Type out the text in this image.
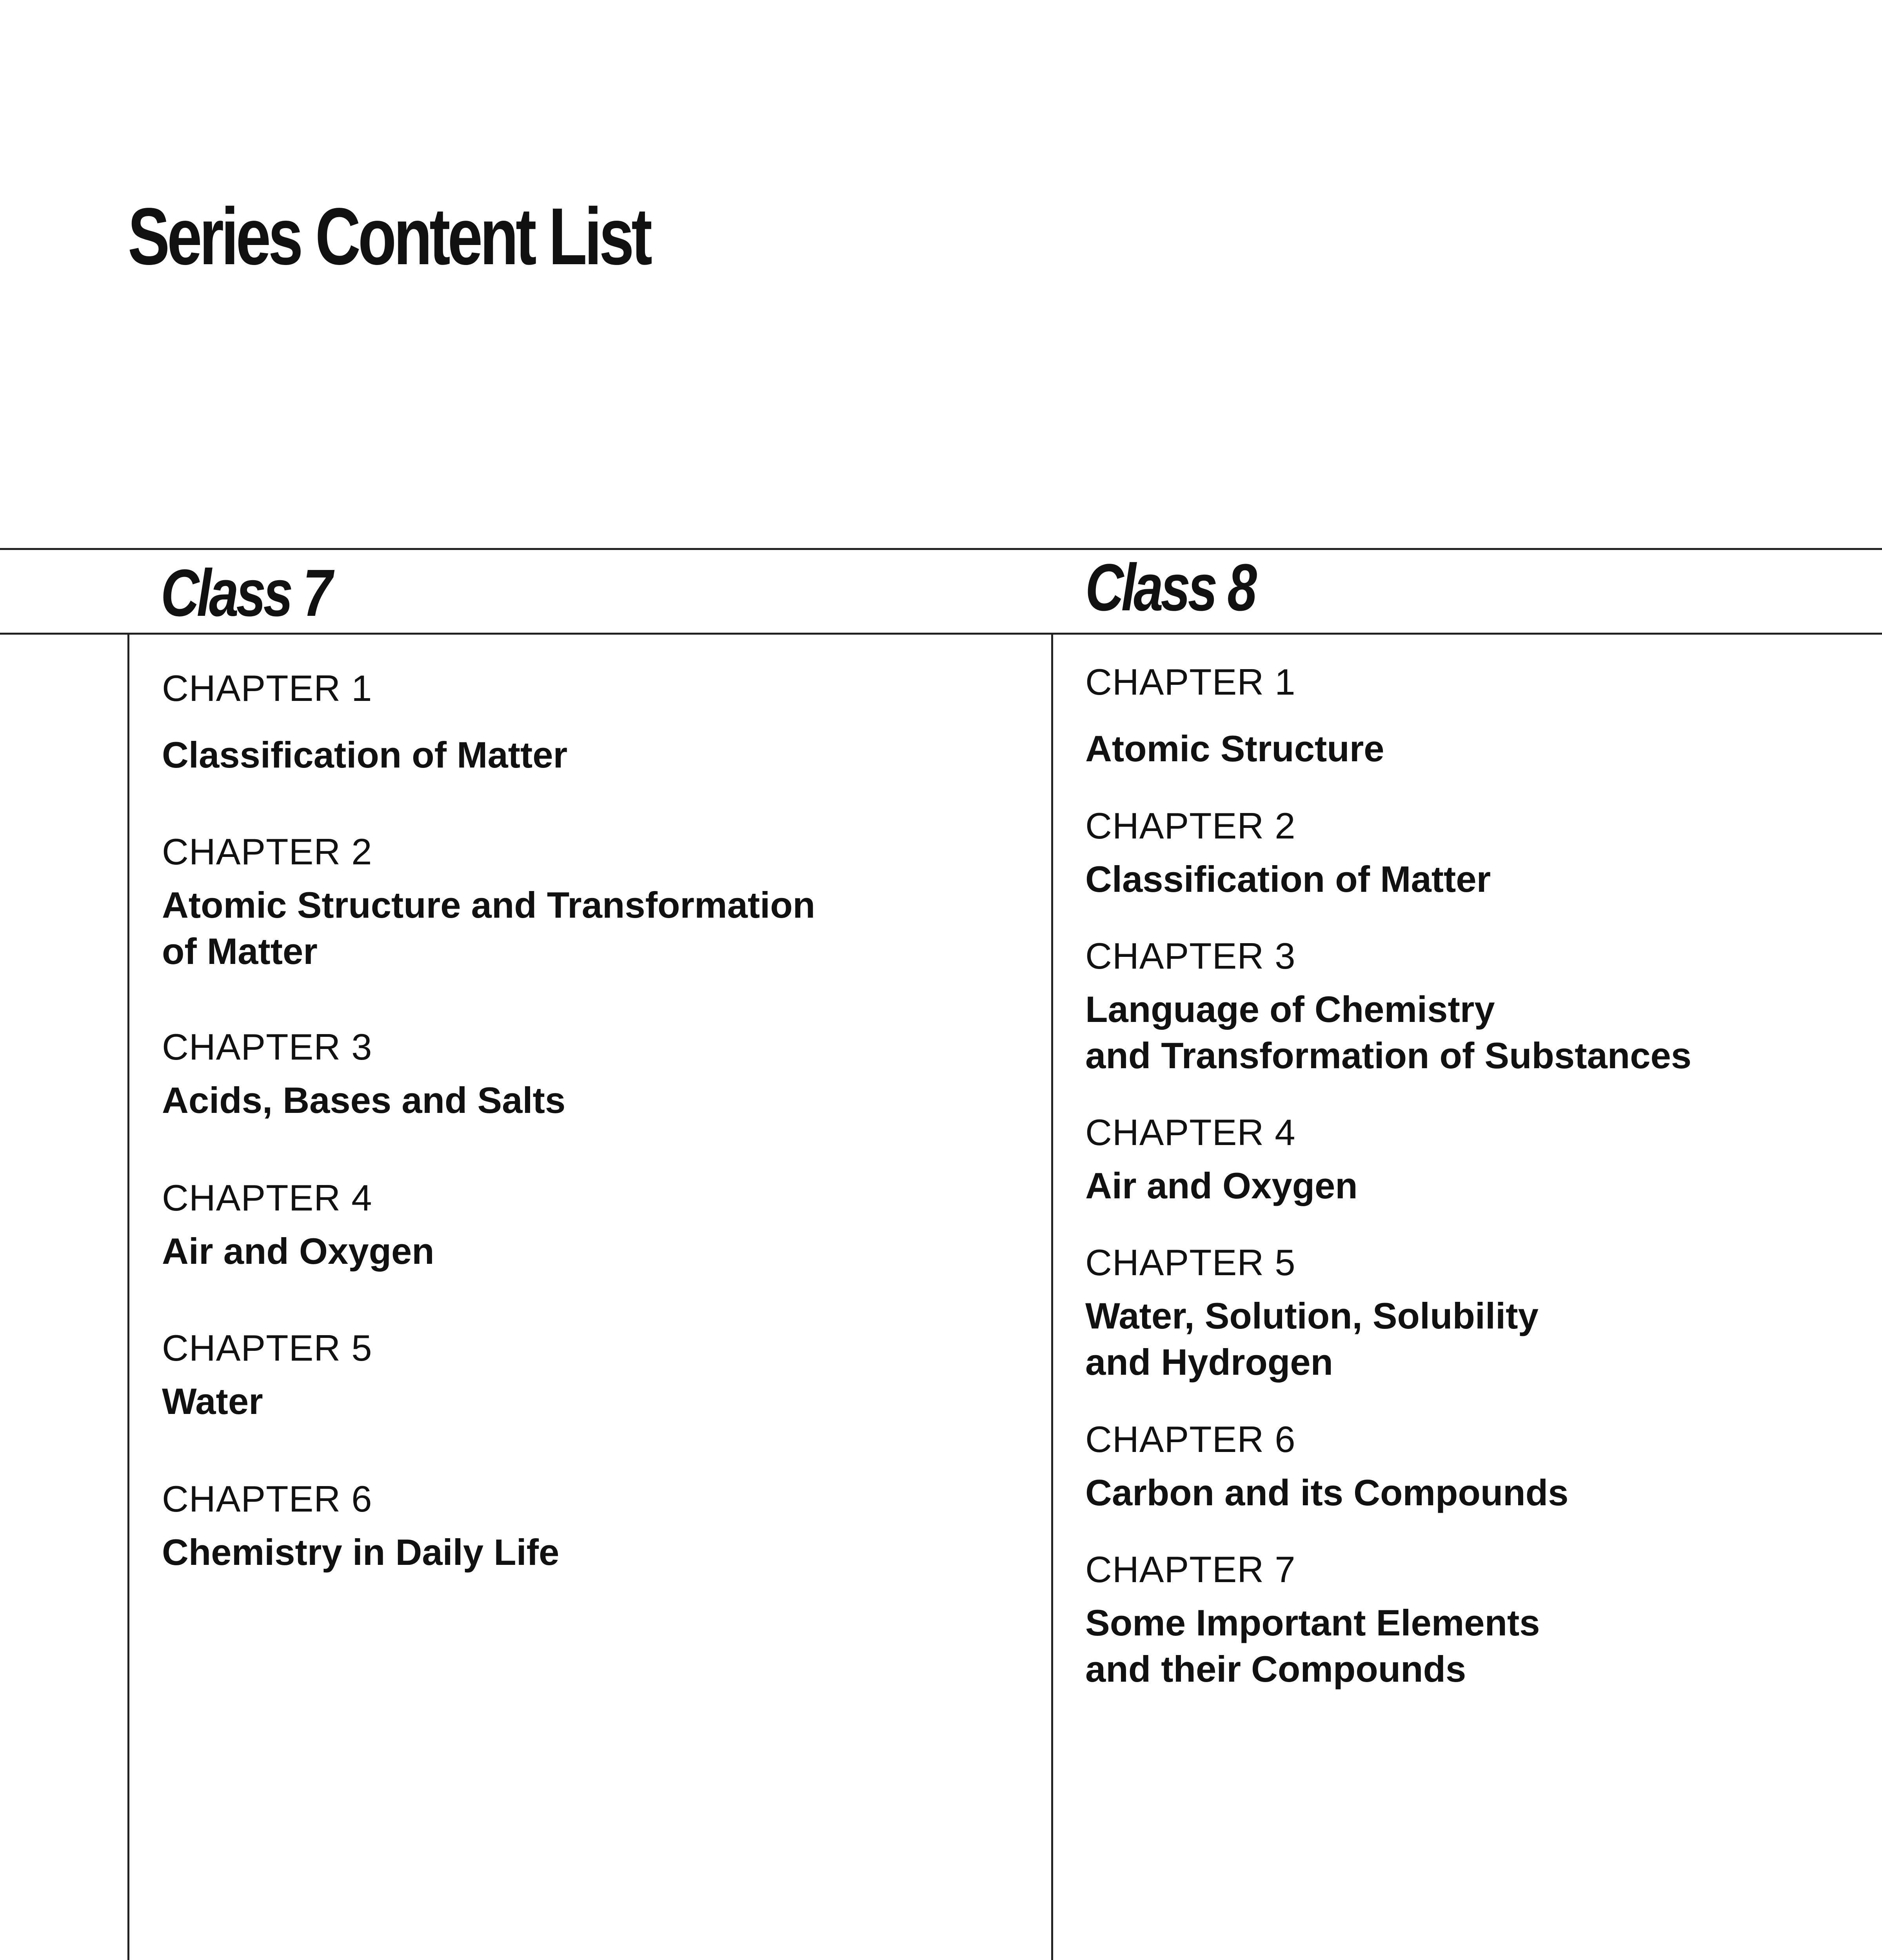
Series Content List
Class 7	Class 8
CHAPTER 1
Classification of Matter
CHAPTER 2
Atomic Structure and Transformation
of Matter
CHAPTER 3
Acids, Bases and Salts
CHAPTER 4
Air and Oxygen
CHAPTER 5
Water
CHAPTER 6
Chemistry in Daily Life
CHAPTER 1
Atomic Structure
CHAPTER 2
Classification of Matter
CHAPTER 3
Language of Chemistry
and Transformation of Substances
CHAPTER 4
Air and Oxygen
CHAPTER 5
Water, Solution, Solubility
and Hydrogen
CHAPTER 6
Carbon and its Compounds
CHAPTER 7
Some Important Elements
and their Compounds
